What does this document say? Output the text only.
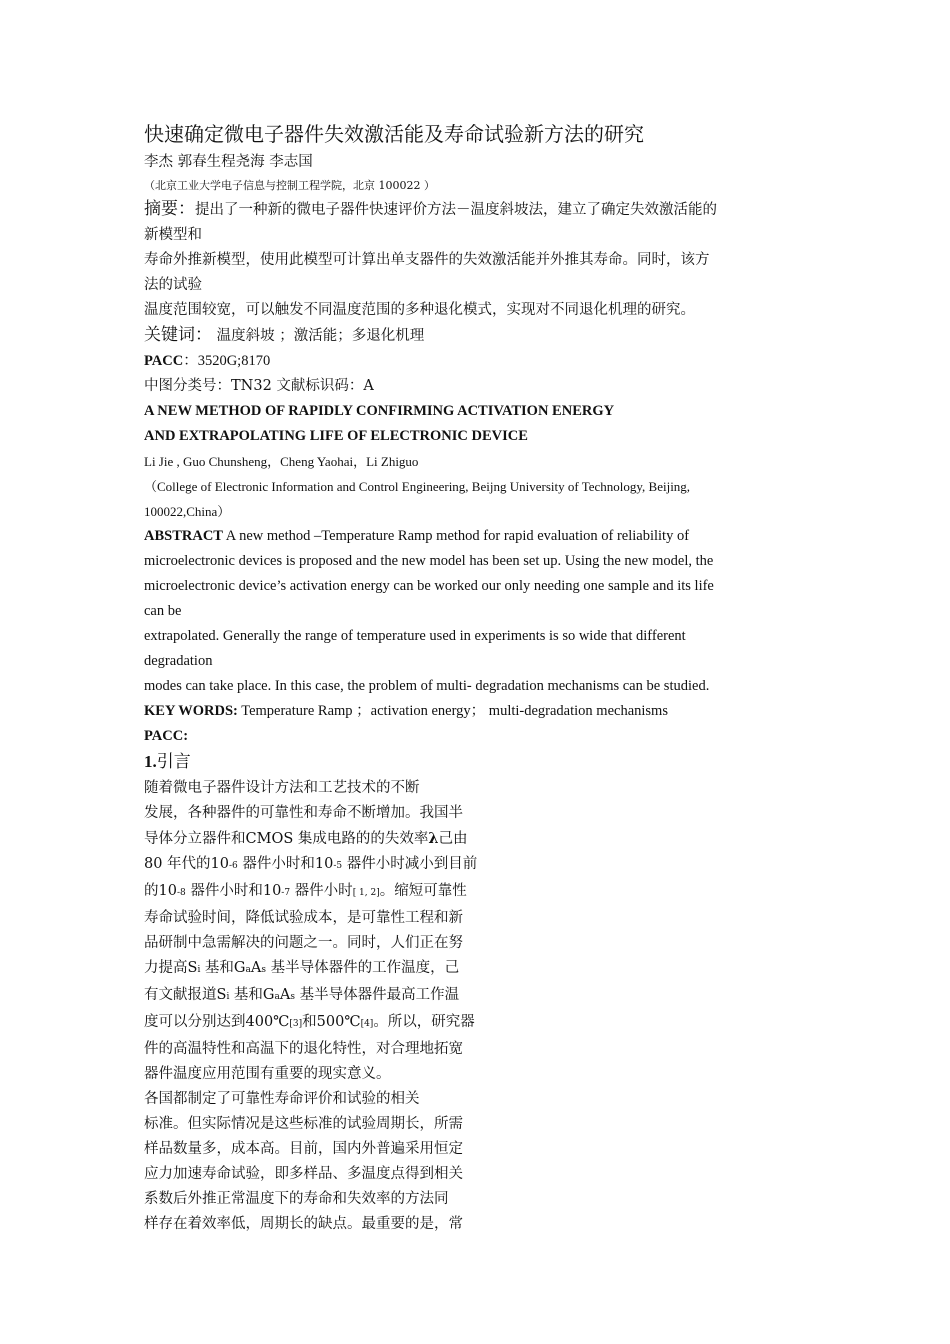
快速确定微电子器件失效激活能及寿命试验新方法的研究
李杰 郭春生程尧海 李志国
（北京工业大学电子信息与控制工程学院，北京 100022 ）
摘要：提出了一种新的微电子器件快速评价方法－温度斜坡法，建立了确定失效激活能的
新模型和
寿命外推新模型，使用此模型可计算出单支器件的失效激活能并外推其寿命。同时，该方
法的试验
温度范围较宽，可以触发不同温度范围的多种退化模式，实现对不同退化机理的研究。
关键词： 温度斜坡 ；激活能；多退化机理
PACC：3520G;8170
中图分类号：TN32 文献标识码：A
A NEW METHOD OF RAPIDLY CONFIRMING ACTIVATION ENERGY
AND EXTRAPOLATING LIFE OF ELECTRONIC DEVICE
Li Jie , Guo Chunsheng，Cheng Yaohai，Li Zhiguo
（College of Electronic Information and Control Engineering, Beijng University of Technology, Beijing,
100022,China）
ABSTRACT A new method –Temperature Ramp method for rapid evaluation of reliability of
microelectronic devices is proposed and the new model has been set up. Using the new model, the
microelectronic device’s activation energy can be worked our only needing one sample and its life
can be
extrapolated. Generally the range of temperature used in experiments is so wide that different
degradation
modes can take place. In this case, the problem of multi- degradation mechanisms can be studied.
KEY WORDS: Temperature Ramp ；activation energy； multi-degradation mechanisms
PACC:
1.引言
随着微电子器件设计方法和工艺技术的不断
发展，各种器件的可靠性和寿命不断增加。我国半
导体分立器件和CMOS 集成电路的的失效率λ己由
80 年代的10-6 器件小时和10-5 器件小时减小到目前
的10-8 器件小时和10-7 器件小时[ 1, 2]。缩短可靠性
寿命试验时间，降低试验成本，是可靠性工程和新
品研制中急需解决的问题之一。同时，人们正在努
力提高Si 基和GaAs 基半导体器件的工作温度，己
有文献报道Si 基和GaAs 基半导体器件最高工作温
度可以分别达到400℃[3]和500℃[4]。所以，研究器
件的高温特性和高温下的退化特性，对合理地拓宽
器件温度应用范围有重要的现实意义。
各国都制定了可靠性寿命评价和试验的相关
标准。但实际情况是这些标准的试验周期长，所需
样品数量多，成本高。目前，国内外普遍采用恒定
应力加速寿命试验，即多样品、多温度点得到相关
系数后外推正常温度下的寿命和失效率的方法同
样存在着效率低，周期长的缺点。最重要的是，常
